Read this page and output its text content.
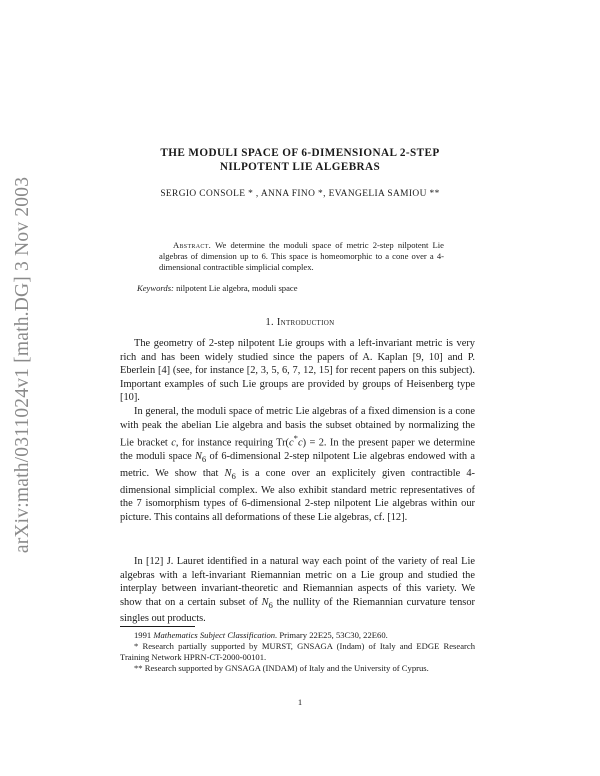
arXiv:math/0311024v1 [math.DG] 3 Nov 2003
THE MODULI SPACE OF 6-DIMENSIONAL 2-STEP
NILPOTENT LIE ALGEBRAS
SERGIO CONSOLE * , ANNA FINO *, EVANGELIA SAMIOU **
Abstract. We determine the moduli space of metric 2-step nilpotent Lie algebras of dimension up to 6. This space is homeomorphic to a cone over a 4-dimensional contractible simplicial complex.
Keywords: nilpotent Lie algebra, moduli space
1. Introduction

The geometry of 2-step nilpotent Lie groups with a left-invariant metric is very rich and has been widely studied since the papers of A. Kaplan [9, 10] and P. Eberlein [4] (see, for instance [2, 3, 5, 6, 7, 12, 15] for recent papers on this subject). Important examples of such Lie groups are provided by groups of Heisenberg type [10].

In general, the moduli space of metric Lie algebras of a fixed dimension is a cone with peak the abelian Lie algebra and basis the subset obtained by normalizing the Lie bracket c, for instance requiring Tr(c*c) = 2. In the present paper we determine the moduli space $N_6$ of 6-dimensional 2-step nilpotent Lie algebras endowed with a metric. We show that $N_6$ is a cone over an explicitely given contractible 4-dimensional simplicial complex. We also exhibit standard metric representatives of the 7 isomorphism types of 6-dimensional 2-step nilpotent Lie algebras within our picture. This contains all deformations of these Lie algebras, cf. [12].

In [12] J. Lauret identified in a natural way each point of the variety of real Lie algebras with a left-invariant Riemannian metric on a Lie group and studied the interplay between invariant-theoretic and Riemannian aspects of this variety. We show that on a certain subset of $N_6$ the nullity of the Riemannian curvature tensor singles out products.

1991 Mathematics Subject Classification. Primary 22E25, 53C30, 22E60.

* Research partially supported by MURST, GNSAGA (Indam) of Italy and EDGE Research Training Network HPRN-CT-2000-00101.

** Research supported by GNSAGA (INDAM) of Italy and the University of Cyprus.

1
